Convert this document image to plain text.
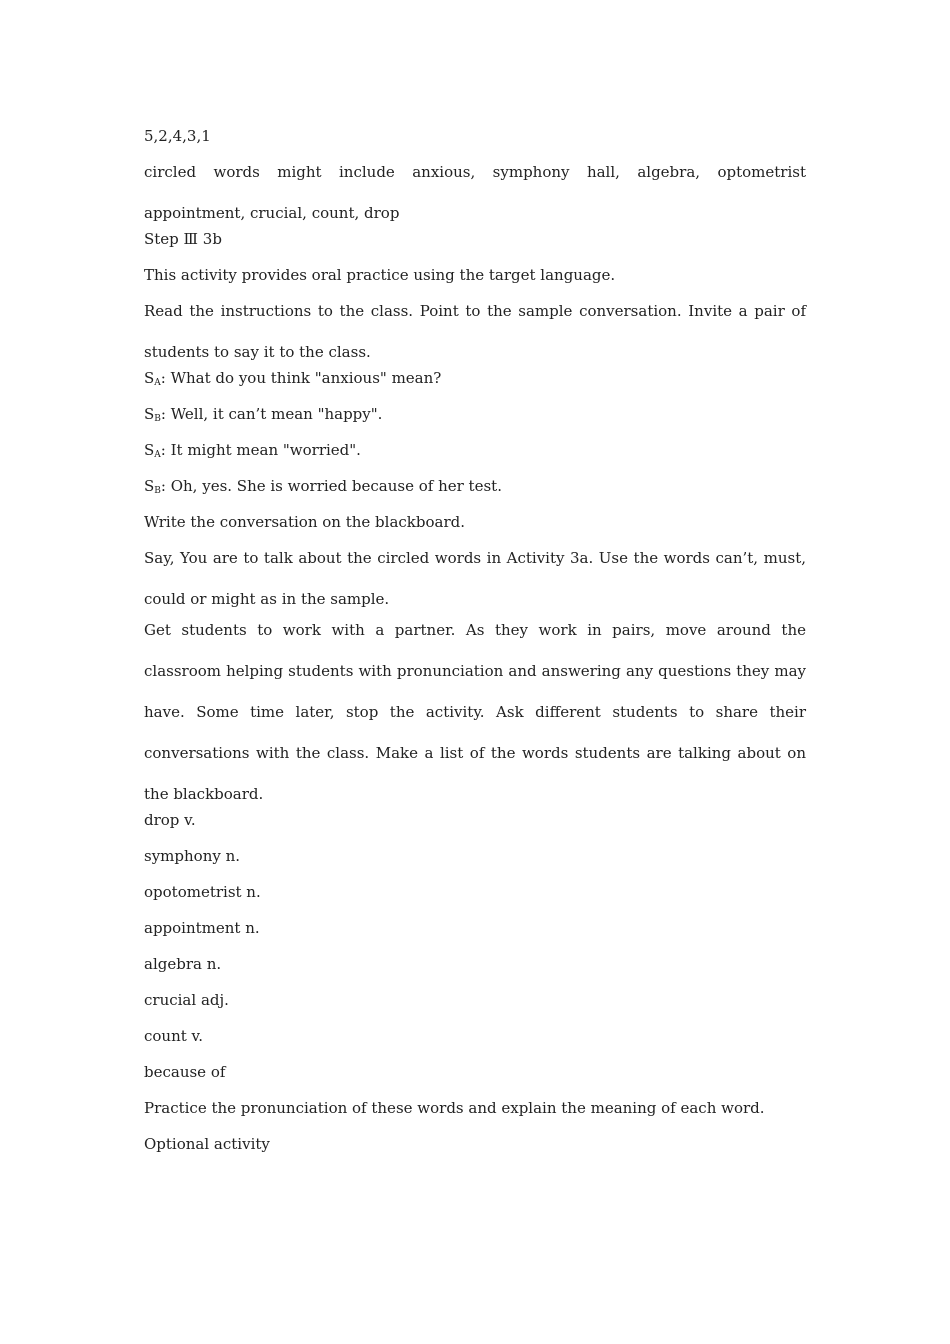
5,2,4,3,1
circled words might include anxious, symphony hall, algebra, optometrist appointment, crucial, count, drop
Step Ⅲ 3b
This activity provides oral practice using the target language.
Read the instructions to the class. Point to the sample conversation. Invite a pair of students to say it to the class.
$S_A$: What do you think "anxious" mean?
$S_B$: Well, it can’t mean "happy".
$S_A$: It might mean "worried".
$S_B$: Oh, yes. She is worried because of her test.
Write the conversation on the blackboard.
Say, You are to talk about the circled words in Activity 3a. Use the words can’t, must, could or might as in the sample.
Get students to work with a partner. As they work in pairs, move around the classroom helping students with pronunciation and answering any questions they may have. Some time later, stop the activity. Ask different students to share their conversations with the class. Make a list of the words students are talking about on the blackboard.
drop v.
symphony n.
opotometrist n.
appointment n.
algebra n.
crucial adj.
count v.
because of
Practice the pronunciation of these words and explain the meaning of each word.
Optional activity
